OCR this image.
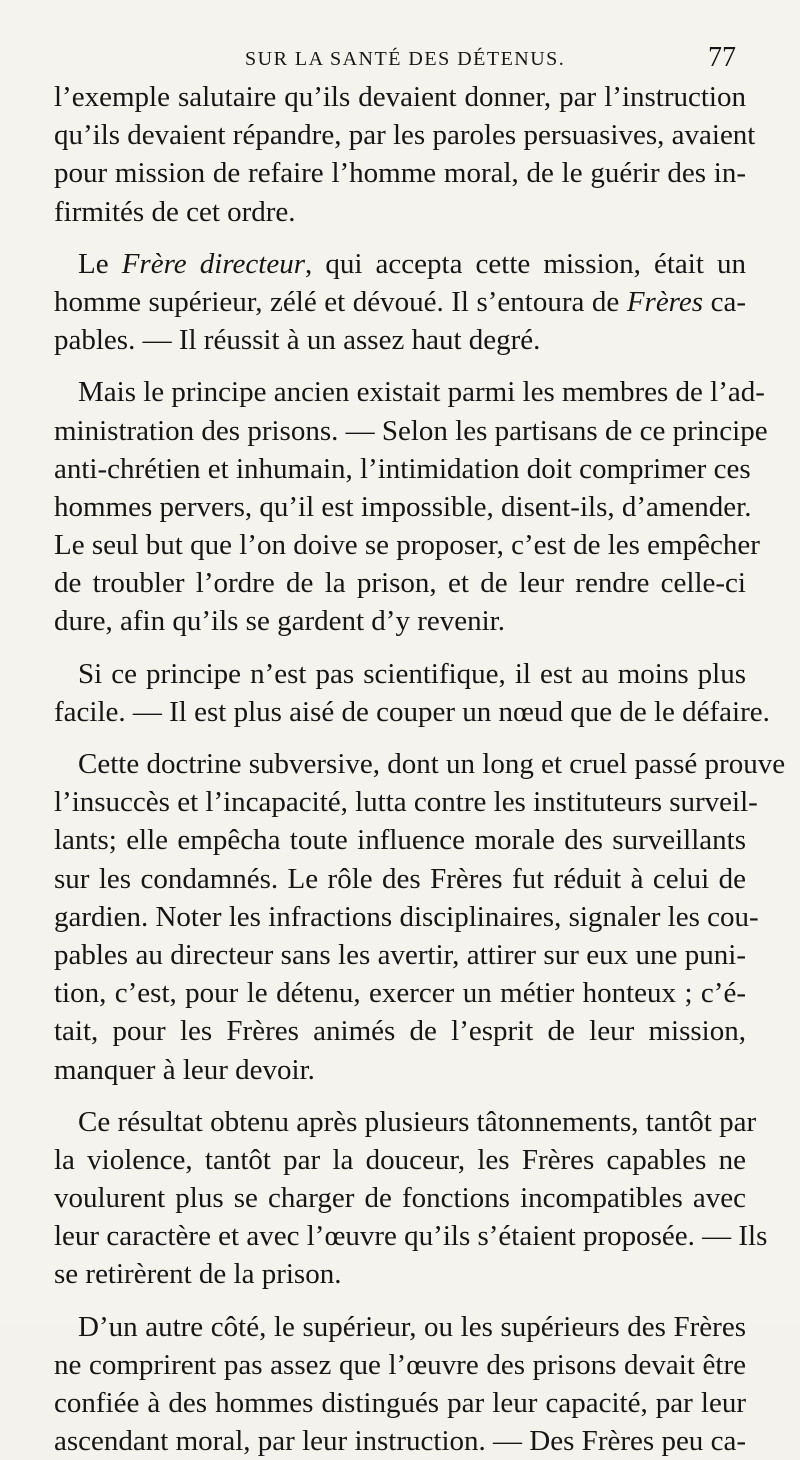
SUR LA SANTÉ DES DÉTENUS.	77
l’exemple salutaire qu’ils devaient donner, par l’instruction
qu’ils devaient répandre, par les paroles persuasives, avaient
pour mission de refaire l’homme moral, de le guérir des in-
firmités de cet ordre.
Le Frère directeur, qui accepta cette mission, était un
homme supérieur, zélé et dévoué. Il s’entoura de Frères ca-
pables. — Il réussit à un assez haut degré.
Mais le principe ancien existait parmi les membres de l’ad-
ministration des prisons. — Selon les partisans de ce principe
anti-chrétien et inhumain, l’intimidation doit comprimer ces
hommes pervers, qu’il est impossible, disent-ils, d’amender.
Le seul but que l’on doive se proposer, c’est de les empêcher
de troubler l’ordre de la prison, et de leur rendre celle-ci
dure, afin qu’ils se gardent d’y revenir.
Si ce principe n’est pas scientifique, il est au moins plus
facile. — Il est plus aisé de couper un nœud que de le défaire.
Cette doctrine subversive, dont un long et cruel passé prouve
l’insuccès et l’incapacité, lutta contre les instituteurs surveil-
lants; elle empêcha toute influence morale des surveillants
sur les condamnés. Le rôle des Frères fut réduit à celui de
gardien. Noter les infractions disciplinaires, signaler les cou-
pables au directeur sans les avertir, attirer sur eux une puni-
tion, c’est, pour le détenu, exercer un métier honteux ; c’é-
tait, pour les Frères animés de l’esprit de leur mission,
manquer à leur devoir.
Ce résultat obtenu après plusieurs tâtonnements, tantôt par
la violence, tantôt par la douceur, les Frères capables ne
voulurent plus se charger de fonctions incompatibles avec
leur caractère et avec l’œuvre qu’ils s’étaient proposée. — Ils
se retirèrent de la prison.
D’un autre côté, le supérieur, ou les supérieurs des Frères
ne comprirent pas assez que l’œuvre des prisons devait être
confiée à des hommes distingués par leur capacité, par leur
ascendant moral, par leur instruction. — Des Frères peu ca-
